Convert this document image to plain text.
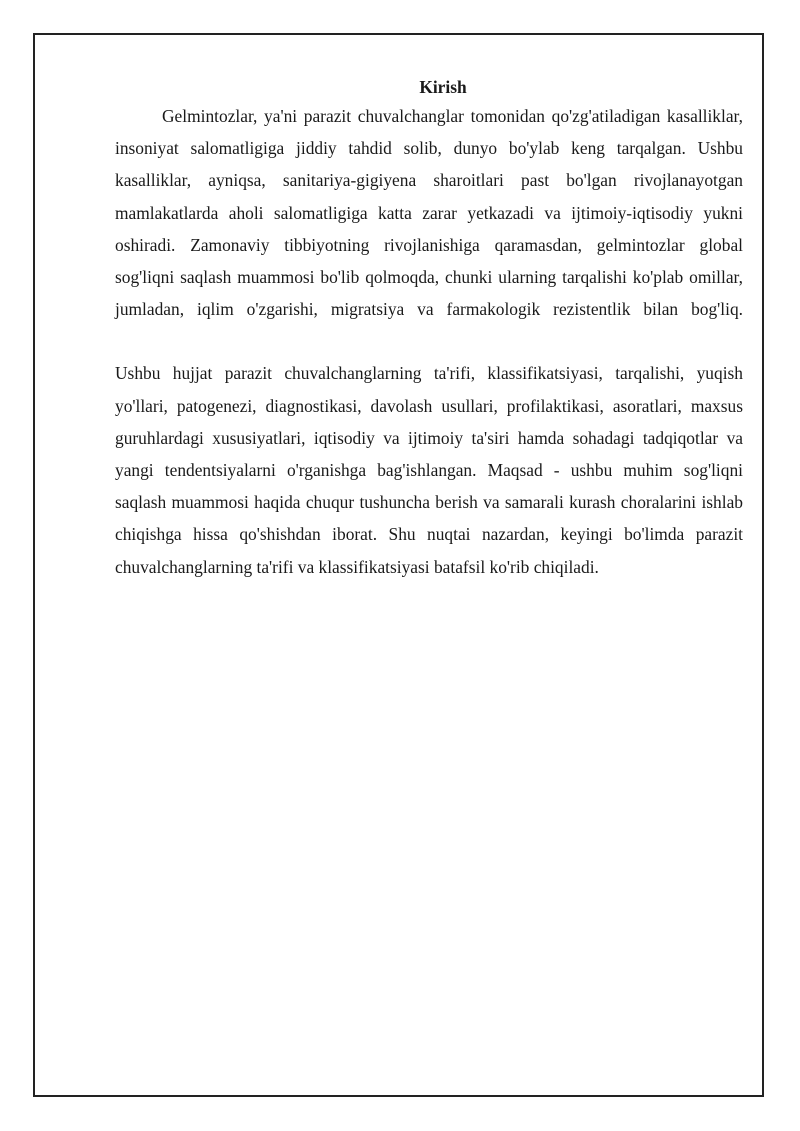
Kirish

Gelmintozlar, ya'ni parazit chuvalchanglar tomonidan qo'zg'atiladigan kasalliklar, insoniyat salomatligiga jiddiy tahdid solib, dunyo bo'ylab keng tarqalgan. Ushbu kasalliklar, ayniqsa, sanitariya-gigiyena sharoitlari past bo'lgan rivojlanayotgan mamlakatlarda aholi salomatligiga katta zarar yetkazadi va ijtimoiy-iqtisodiy yukni oshiradi. Zamonaviy tibbiyotning rivojlanishiga qaramasdan, gelmintozlar global sog'liqni saqlash muammosi bo'lib qolmoqda, chunki ularning tarqalishi ko'plab omillar, jumladan, iqlim o'zgarishi, migratsiya va farmakologik rezistentlik bilan bog'liq.

Ushbu hujjat parazit chuvalchanglarning ta'rifi, klassifikatsiyasi, tarqalishi, yuqish yo'llari, patogenezi, diagnostikasi, davolash usullari, profilaktikasi, asoratlari, maxsus guruhlardagi xususiyatlari, iqtisodiy va ijtimoiy ta'siri hamda sohadagi tadqiqotlar va yangi tendentsiyalarni o'rganishga bag'ishlangan. Maqsad - ushbu muhim sog'liqni saqlash muammosi haqida chuqur tushuncha berish va samarali kurash choralarini ishlab chiqishga hissa qo'shishdan iborat. Shu nuqtai nazardan, keyingi bo'limda parazit chuvalchanglarning ta'rifi va klassifikatsiyasi batafsil ko'rib chiqiladi.
